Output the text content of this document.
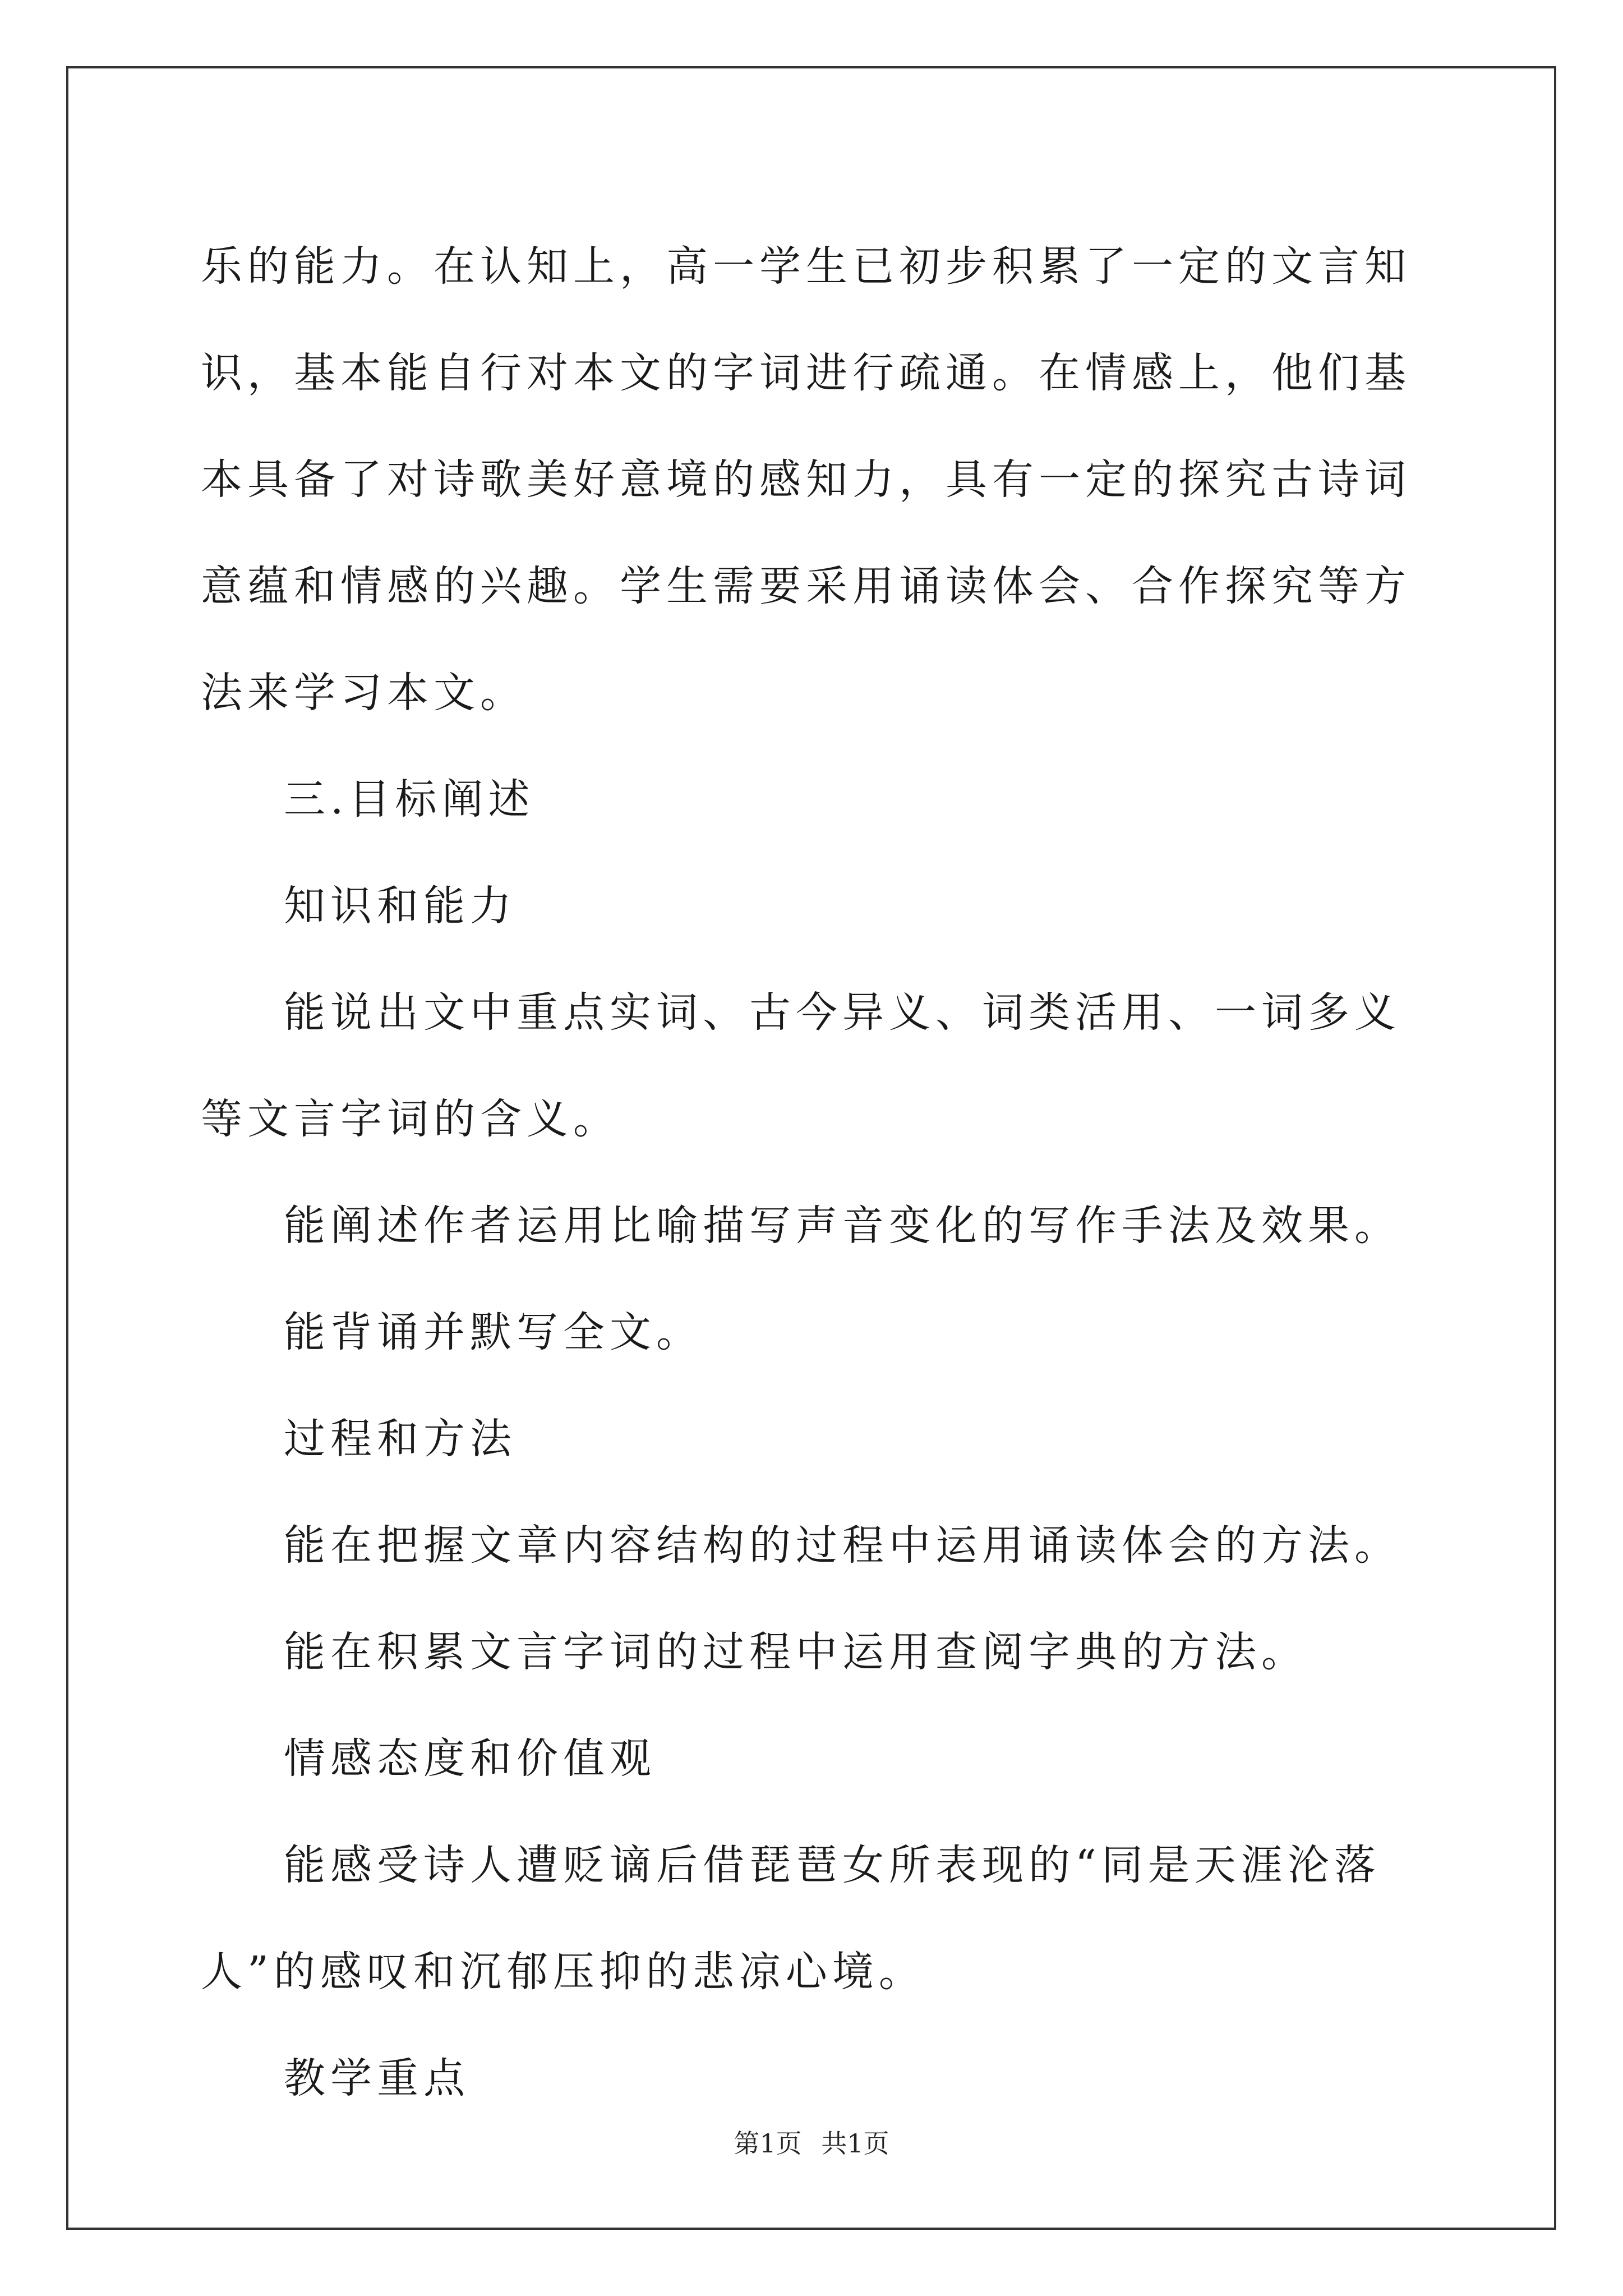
乐的能力。在认知上，高一学生已初步积累了一定的文言知识，基本能自行对本文的字词进行疏通。在情感上，他们基本具备了对诗歌美好意境的感知力，具有一定的探究古诗词意蕴和情感的兴趣。学生需要采用诵读体会、合作探究等方法来学习本文。

三.目标阐述

知识和能力

能说出文中重点实词、古今异义、词类活用、一词多义等文言字词的含义。

能阐述作者运用比喻描写声音变化的写作手法及效果。

能背诵并默写全文。

过程和方法

能在把握文章内容结构的过程中运用诵读体会的方法。

能在积累文言字词的过程中运用查阅字典的方法。

情感态度和价值观

能感受诗人遭贬谪后借琵琶女所表现的“同是天涯沦落人”的感叹和沉郁压抑的悲凉心境。

教学重点

第1页 共1页
